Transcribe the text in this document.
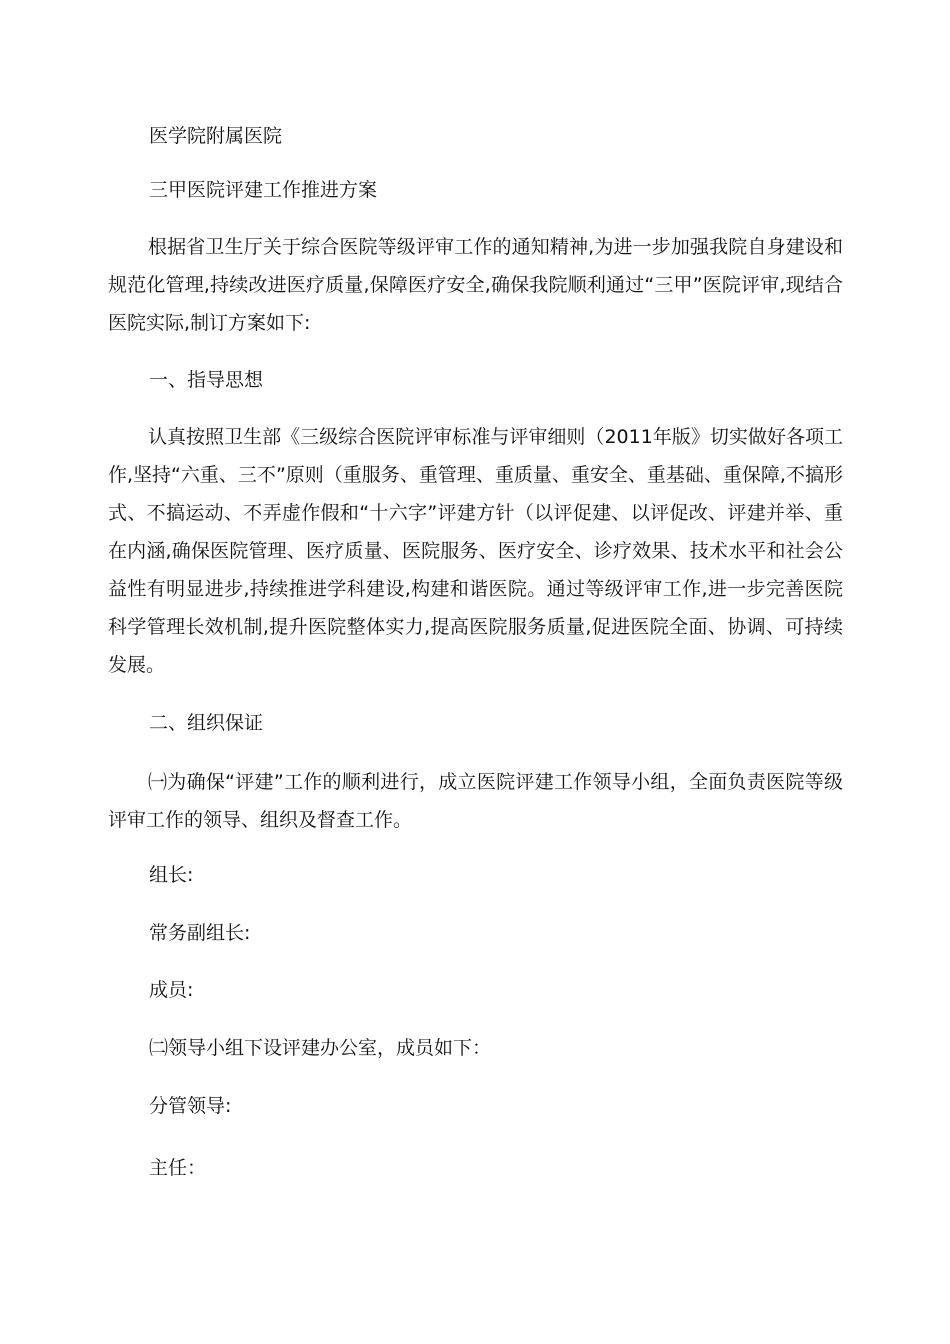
医学院附属医院
三甲医院评建工作推进方案
根据省卫生厅关于综合医院等级评审工作的通知精神,为进一步加强我院自身建设和规范化管理,持续改进医疗质量,保障医疗安全,确保我院顺利通过“三甲”医院评审,现结合医院实际,制订方案如下:
一、指导思想
认真按照卫生部《三级综合医院评审标准与评审细则（2011年版》切实做好各项工作,坚持“六重、三不”原则（重服务、重管理、重质量、重安全、重基础、重保障,不搞形式、不搞运动、不弄虚作假和“十六字”评建方针（以评促建、以评促改、评建并举、重在内涵,确保医院管理、医疗质量、医院服务、医疗安全、诊疗效果、技术水平和社会公益性有明显进步,持续推进学科建设,构建和谐医院。通过等级评审工作,进一步完善医院科学管理长效机制,提升医院整体实力,提高医院服务质量,促进医院全面、协调、可持续发展。
二、组织保证
㈠为确保“评建”工作的顺利进行，成立医院评建工作领导小组，全面负责医院等级评审工作的领导、组织及督查工作。
组长:
常务副组长:
成员:
㈡领导小组下设评建办公室，成员如下：
分管领导:
主任：
